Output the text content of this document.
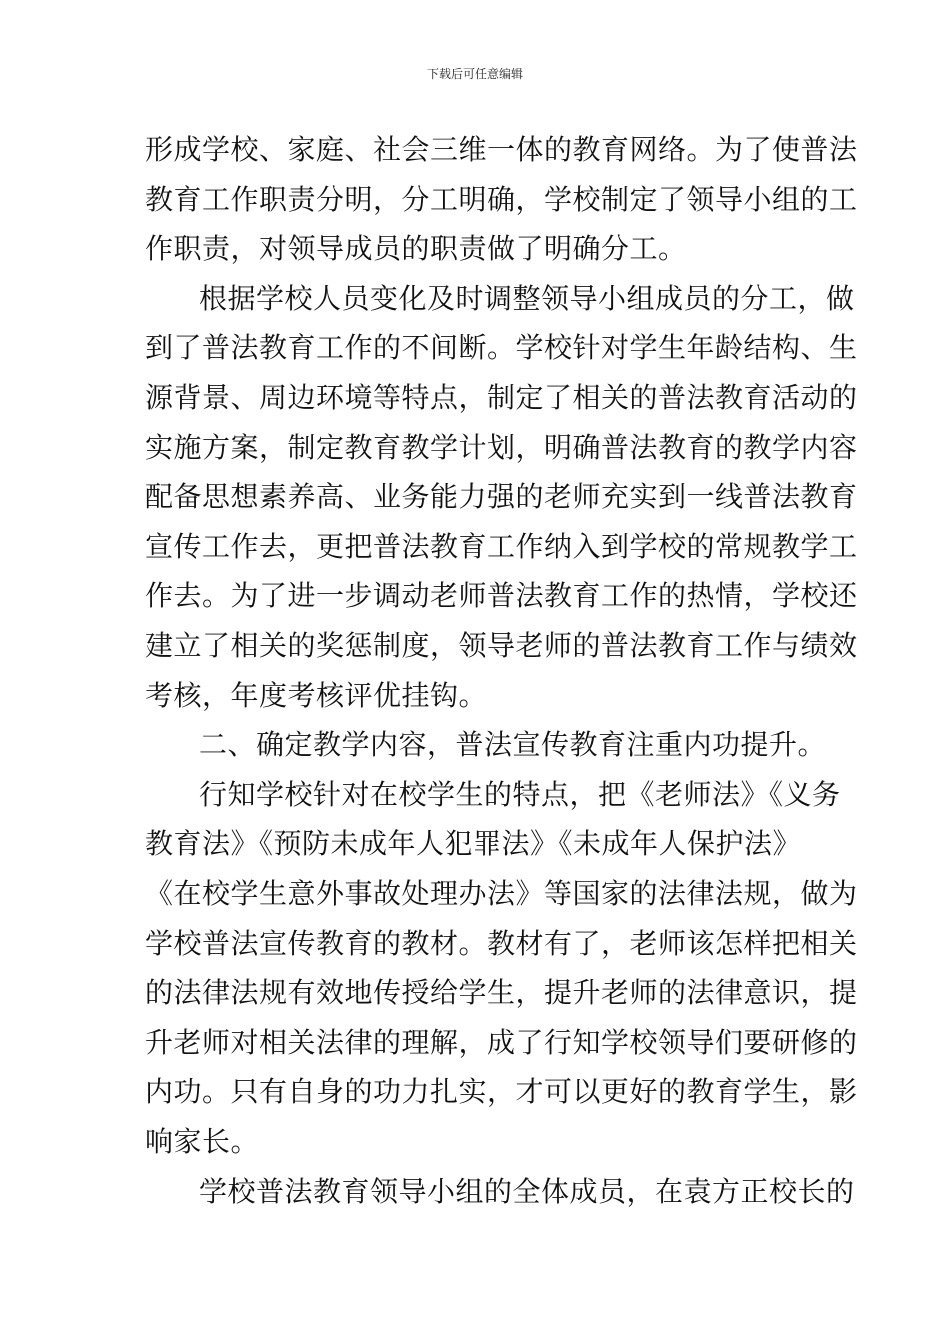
下载后可任意编辑
形成学校、家庭、社会三维一体的教育网络。为了使普法
教育工作职责分明，分工明确，学校制定了领导小组的工
作职责，对领导成员的职责做了明确分工。
根据学校人员变化及时调整领导小组成员的分工，做
到了普法教育工作的不间断。学校针对学生年龄结构、生
源背景、周边环境等特点，制定了相关的普法教育活动的
实施方案，制定教育教学计划，明确普法教育的教学内容
配备思想素养高、业务能力强的老师充实到一线普法教育
宣传工作去，更把普法教育工作纳入到学校的常规教学工
作去。为了进一步调动老师普法教育工作的热情，学校还
建立了相关的奖惩制度，领导老师的普法教育工作与绩效
考核，年度考核评优挂钩。
二、确定教学内容，普法宣传教育注重内功提升。
行知学校针对在校学生的特点，把《老师法》《义务
教育法》《预防未成年人犯罪法》《未成年人保护法》
《在校学生意外事故处理办法》等国家的法律法规，做为
学校普法宣传教育的教材。教材有了，老师该怎样把相关
的法律法规有效地传授给学生，提升老师的法律意识，提
升老师对相关法律的理解，成了行知学校领导们要研修的
内功。只有自身的功力扎实，才可以更好的教育学生，影
响家长。
学校普法教育领导小组的全体成员，在袁方正校长的
